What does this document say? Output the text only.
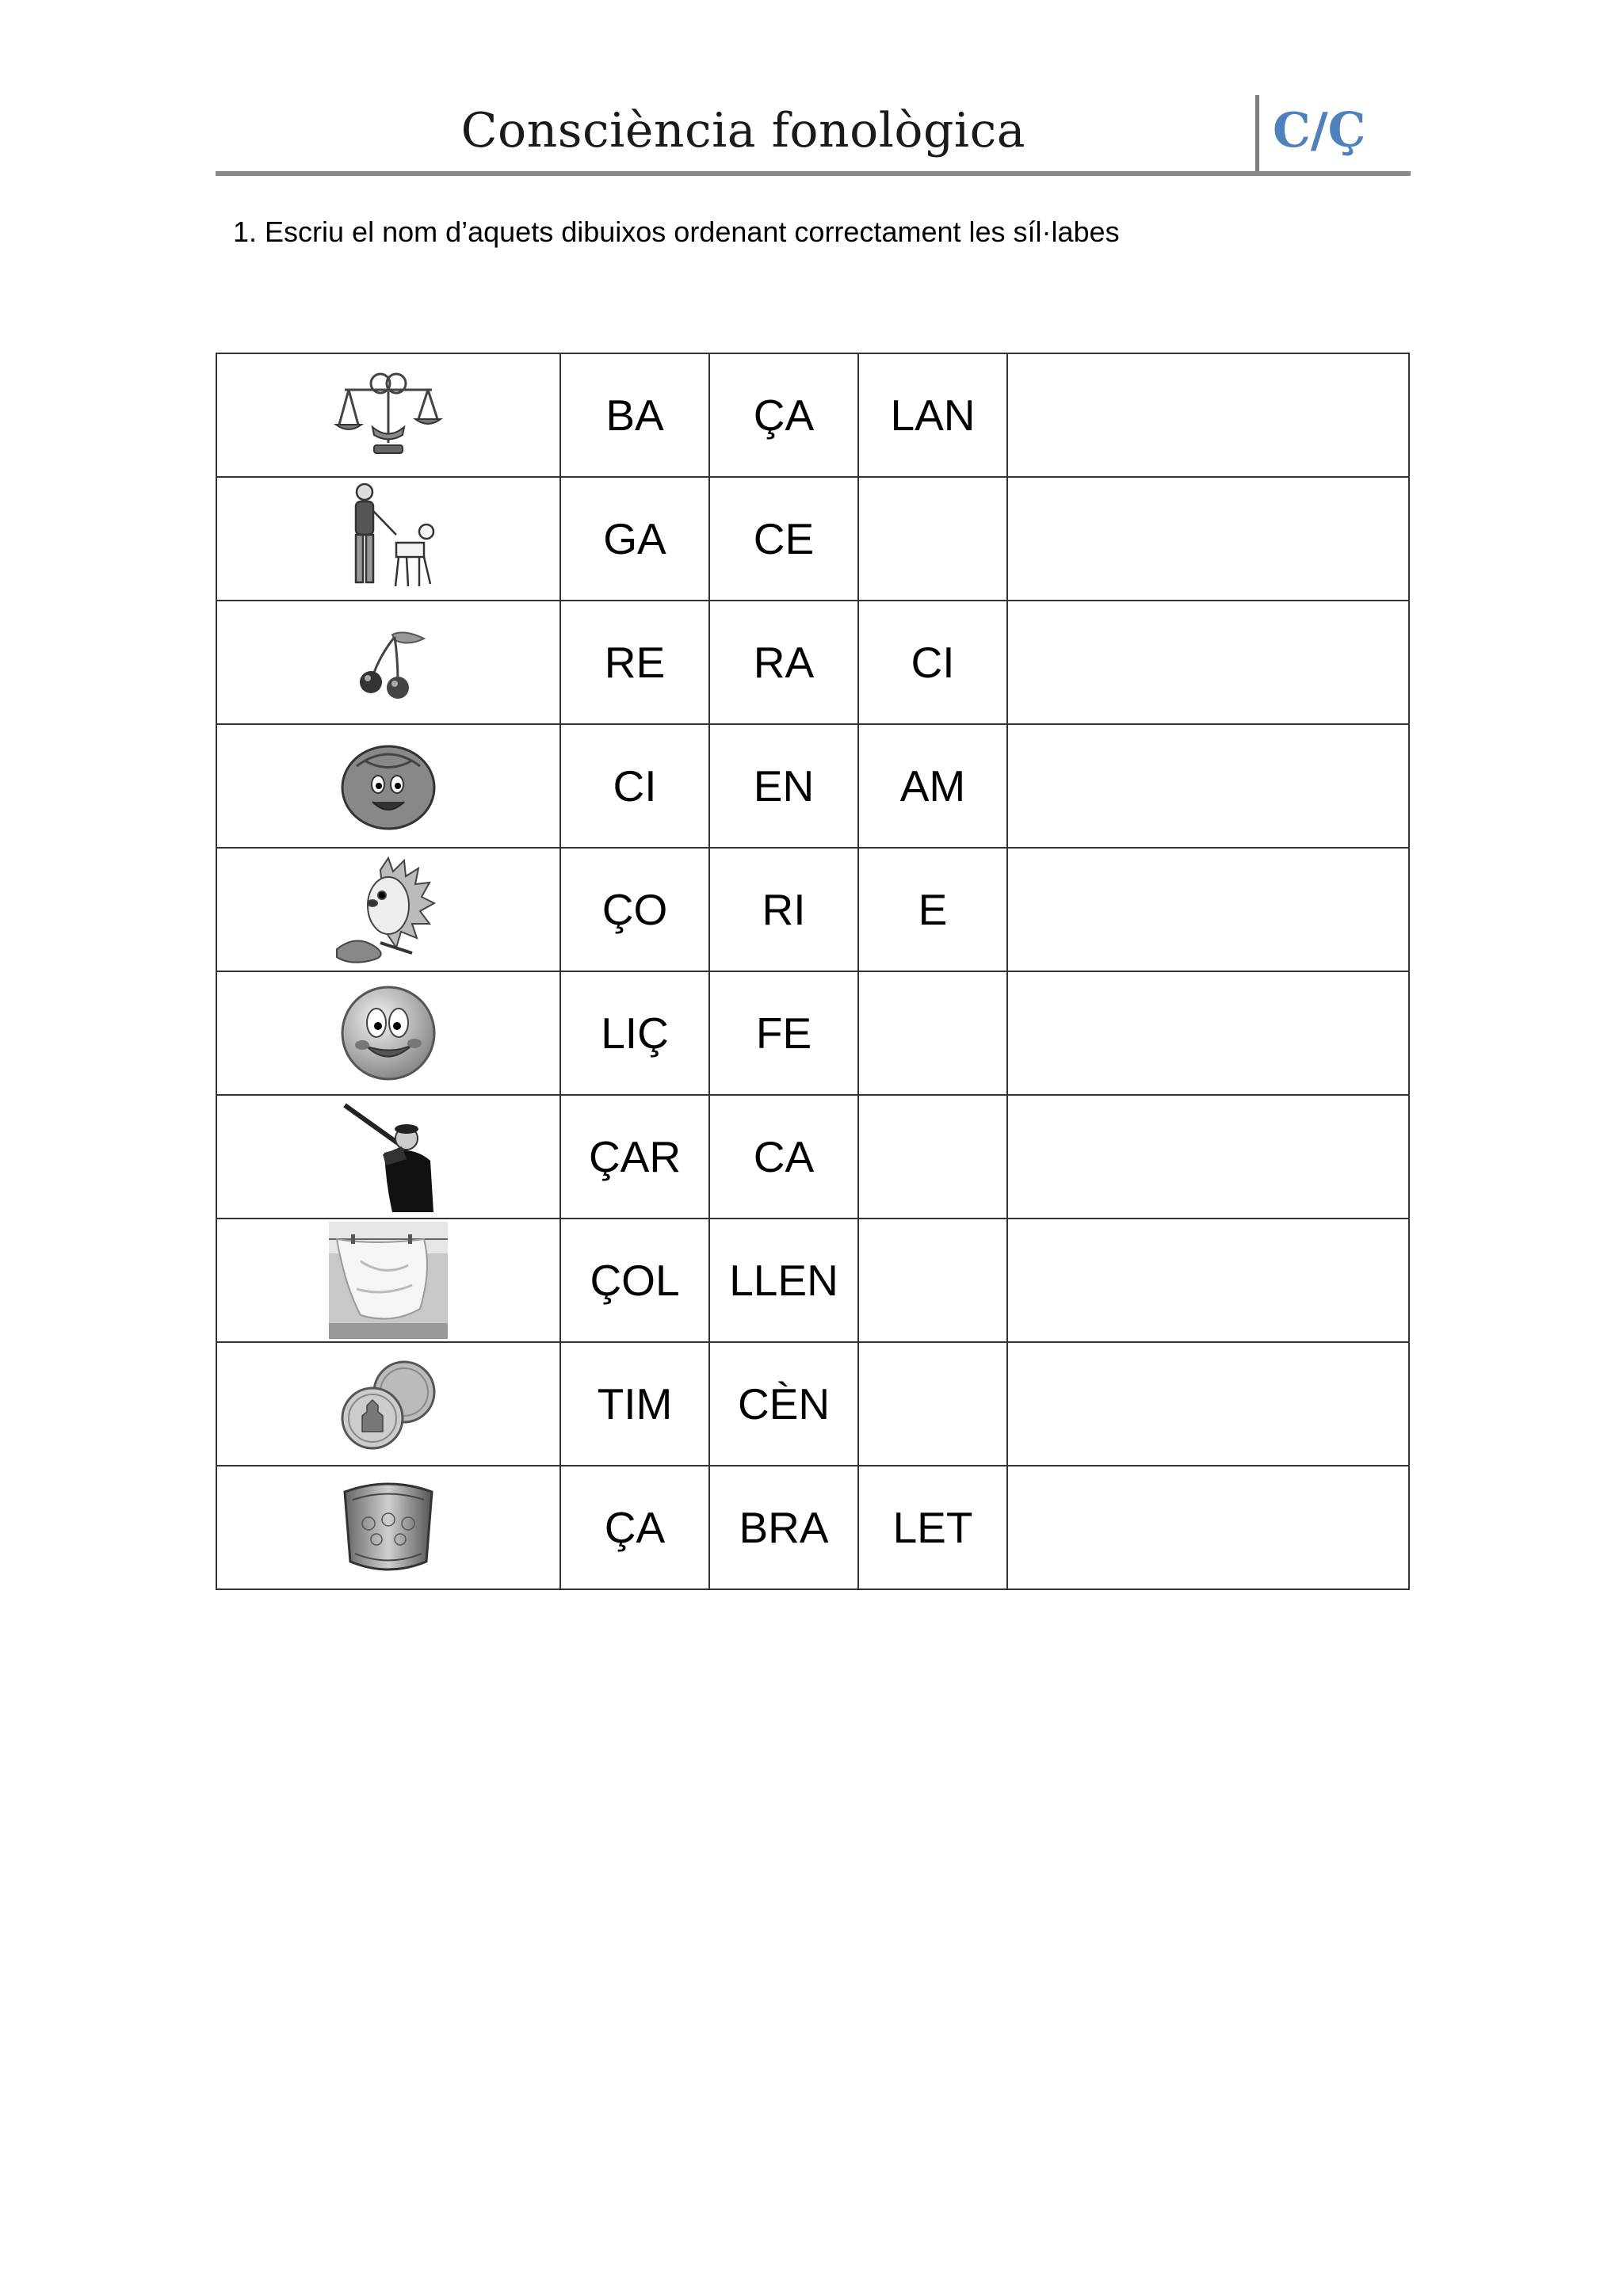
Consciència fonològica	C/Ç
1. Escriu el nom d’aquets dibuixos ordenant correctament les síl·labes
	BA	ÇA	LAN	

	GA	CE		

	RE	RA	CI	

	CI	EN	AM	

	ÇO	RI	E	

	LIÇ	FE		

	ÇAR	CA		

	ÇOL	LLEN		

	TIM	CÈN		

	ÇA	BRA	LET	
